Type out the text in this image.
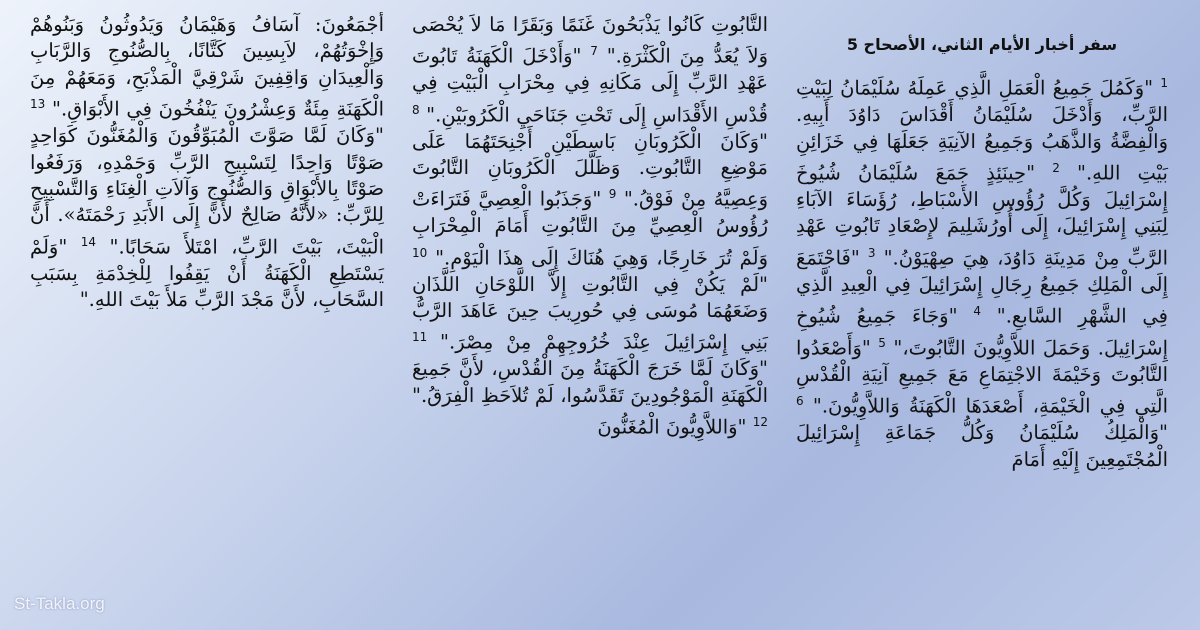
سفر أخبار الأيام الثاني، الأصحاح 5
$^1$ "وَكَمُلَ جَمِيعُ الْعَمَلِ الَّذِي عَمِلَهُ سُلَيْمَانُ لِبَيْتِ الرَّبِّ، وَأَدْخَلَ سُلَيْمَانُ أَقْدَاسَ دَاوُدَ أَبِيهِ. وَالْفِضَّةُ وَالذَّهَبُ وَجَمِيعُ الآنِيَةِ جَعَلَهَا فِي خَزَائِنِ بَيْتِ اللهِ." $^2$ "حِينَئِذٍ جَمَعَ سُلَيْمَانُ شُيُوخَ إِسْرَائِيلَ وَكُلَّ رُؤُوسِ الأَسْبَاطِ، رُؤَسَاءَ الآبَاءِ لِبَنِي إِسْرَائِيلَ، إِلَى أُورُشَلِيمَ لإِصْعَادِ تَابُوتِ عَهْدِ الرَّبِّ مِنْ مَدِينَةِ دَاوُدَ، هِيَ صِهْيَوْنُ." $^3$ "فَاجْتَمَعَ إِلَى الْمَلِكِ جَمِيعُ رِجَالِ إِسْرَائِيلَ فِي الْعِيدِ الَّذِي فِي الشَّهْرِ السَّابعِ." $^4$ "وَجَاءَ جَمِيعُ شُيُوخِ إِسْرَائِيلَ. وَحَمَلَ اللاَّوِيُّونَ التَّابُوتَ،" $^5$ "وَأَصْعَدُوا التَّابُوتَ وَخَيْمَةَ الاجْتِمَاعِ مَعَ جَمِيعِ آنِيَةِ الْقُدْسِ الَّتِي فِي الْخَيْمَةِ، أَصْعَدَهَا الْكَهَنَةُ وَاللاَّوِيُّونَ." $^6$ "وَالْمَلِكُ سُلَيْمَانُ وَكُلُّ جَمَاعَةِ إِسْرَائِيلَ الْمُجْتَمِعِينَ إِلَيْهِ أَمَامَ
التَّابُوتِ كَانُوا يَذْبَحُونَ غَنَمًا وَبَقَرًا مَا لاَ يُحْصَى وَلاَ يُعَدُّ مِنَ الْكَثْرَةِ." $^7$ "وَأَدْخَلَ الْكَهَنَةُ تَابُوتَ عَهْدِ الرَّبِّ إِلَى مَكَانِهِ فِي مِحْرَابِ الْبَيْتِ فِي قُدْسِ الأَقْدَاسِ إِلَى تَحْتِ جَنَاحَيِ الْكَرُوبَيْنِ." $^8$ "وَكَانَ الْكَرُوبَانِ بَاسِطَيْنِ أَجْنِحَتَهُمَا عَلَى مَوْضِعِ التَّابُوتِ. وَظَلَّلَ الْكَرُوبَانِ التَّابُوتَ وَعِصِيَّهُ مِنْ فَوْقُ." $^9$ "وَجَذَبُوا الْعِصِيَّ فَتَرَاءَتْ رُؤُوسُ الْعِصِيِّ مِنَ التَّابُوتِ أَمَامَ الْمِحْرَابِ وَلَمْ تُرَ خَارِجًا، وَهِيَ هُنَاكَ إِلَى هذَا الْيَوْمِ." $^{10}$ "لَمْ يَكُنْ فِي التَّابُوتِ إِلاَّ اللَّوْحَانِ اللَّذَانِ وَضَعَهُمَا مُوسَى فِي حُورِيبَ حِينَ عَاهَدَ الرَّبُّ بَنِي إِسْرَائِيلَ عِنْدَ خُرُوجِهِمْ مِنْ مِصْرَ." $^{11}$ "وَكَانَ لَمَّا خَرَجَ الْكَهَنَةُ مِنَ الْقُدْسِ، لأَنَّ جَمِيعَ الْكَهَنَةِ الْمَوْجُودِينَ تَقَدَّسُوا، لَمْ تُلاَحَظِ الْفِرَقُ." $^{12}$ "وَاللاَّوِيُّونَ الْمُغَنُّونَ
أَجْمَعُونَ: آسَافُ وَهَيْمَانُ وَيَدُوثُونُ وَبَنُوهُمْ وَإِخْوَتُهُمْ، لاَبِسِينَ كَتَّانًا، بِالصُّنُوجِ وَالرَّبَابِ وَالْعِيدَانِ وَاقِفِينَ شَرْقِيَّ الْمَذْبَحِ، وَمَعَهُمْ مِنَ الْكَهَنَةِ مِئَةٌ وَعِشْرُونَ يَنْفُخُونَ فِي الأَبْوَاقِ." $^{13}$ "وَكَانَ لَمَّا صَوَّتَ الْمُبَوِّقُونَ وَالْمُغَنُّونَ كَوَاحِدٍ صَوْتًا وَاحِدًا لِتَسْبِيحِ الرَّبِّ وَحَمْدِهِ، وَرَفَعُوا صَوْتًا بِالأَبْوَاقِ وَالصُّنُوجِ وَآلاَتِ الْغِنَاءِ وَالتَّسْبِيحِ لِلرَّبِّ: «لأَنَّهُ صَالِحٌ لأَنَّ إِلَى الأَبَدِ رَحْمَتَهُ». أَنَّ الْبَيْتَ، بَيْتَ الرَّبِّ، امْتَلأَ سَحَابًا." $^{14}$ "وَلَمْ يَسْتَطِعِ الْكَهَنَةُ أَنْ يَقِفُوا لِلْخِدْمَةِ بِسَبَبِ السَّحَابِ، لأَنَّ مَجْدَ الرَّبِّ مَلأَ بَيْتَ اللهِ."
St-Takla.org
